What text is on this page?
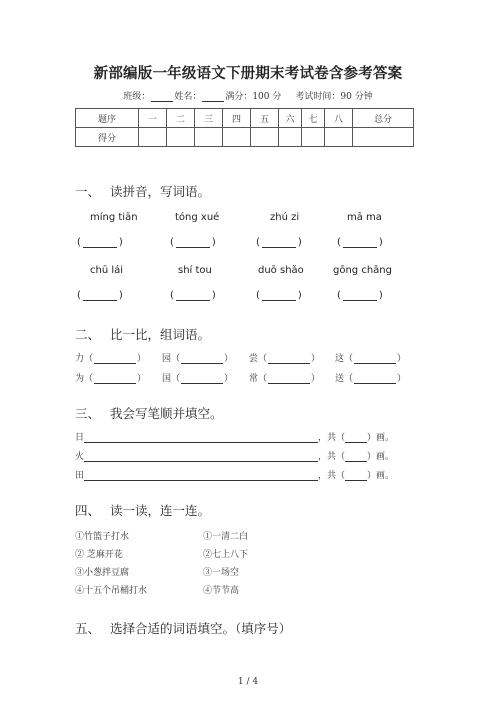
新部编版一年级语文下册期末考试卷含参考答案
班级：	姓名：	满分：100 分 考试时间：90 分钟
题序	一	二	三	四	五	六	七	八	总分
得分									
一、 读拼音，写词语。
míng tiān	tóng xué	zhú zi	mā ma
(	)	(	)	(	)	(	)
chū lái	shí tou	duō shǎo	gōng chǎng
(	)	(	)	(	)	(	)
二、 比一比，组词语。
力（	） 园（	） 尝（	） 这（	）
为（	） 国（	） 常（	） 送（	）
三、 我会写笔顺并填空。
日	，共（ ）画。
火	，共（ ）画。
田	，共（ ）画。
四、 读一读，连一连。
①竹篮子打水
② 芝麻开花
③小葱拌豆腐
④十五个吊桶打水
①一清二白
②七上八下
③一场空
④节节高
五、 选择合适的词语填空。（填序号）
1 / 4
